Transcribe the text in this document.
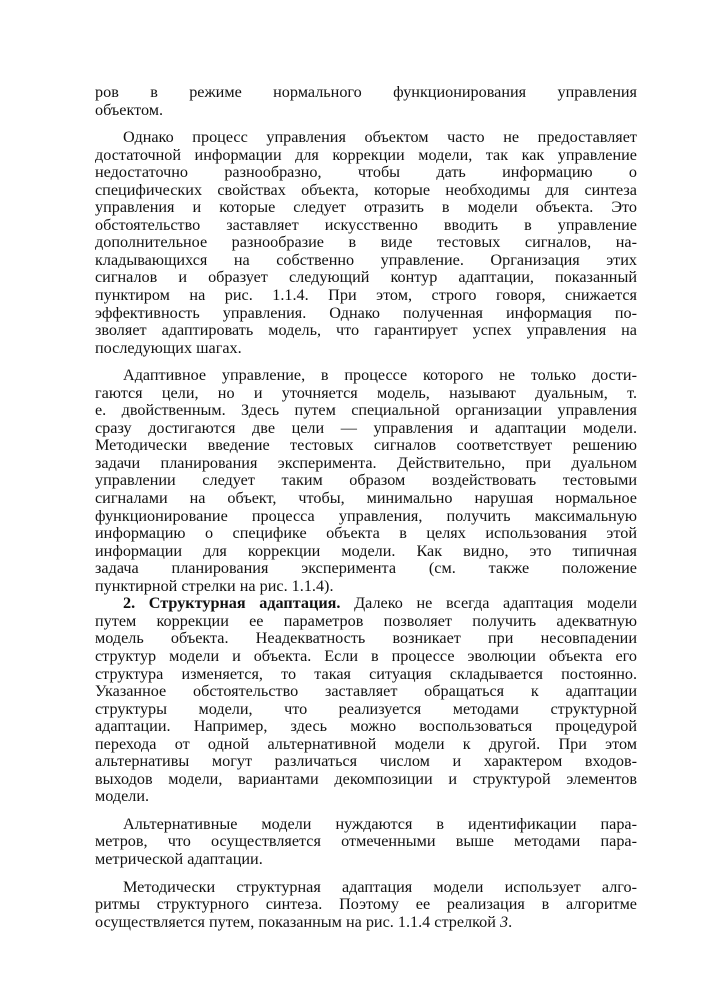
ров в режиме нормального функционирования управления

объектом.

Однако процесс управления объектом часто не предоставляет

достаточной информации для коррекции модели, так как управление

недостаточно разнообразно, чтобы дать информацию о

специфических свойствах объекта, которые необходимы для синтеза

управления и которые следует отразить в модели объекта. Это

обстоятельство заставляет искусственно вводить в управление

дополнительное разнообразие в виде тестовых сигналов, на-

кладывающихся на собственно управление. Организация этих

сигналов и образует следующий контур адаптации, показанный

пунктиром на рис. 1.1.4. При этом, строго говоря, снижается

эффективность управления. Однако полученная информация по-

зволяет адаптировать модель, что гарантирует успех управления на

последующих шагах.

Адаптивное управление, в процессе которого не только дости-

гаются цели, но и уточняется модель, называют дуальным, т.

е. двойственным. Здесь путем специальной организации управления

сразу достигаются две цели — управления и адаптации модели.

Методически введение тестовых сигналов соответствует решению

задачи планирования эксперимента. Действительно, при дуальном

управлении следует таким образом воздействовать тестовыми

сигналами на объект, чтобы, минимально нарушая нормальное

функционирование процесса управления, получить максимальную

информацию о специфике объекта в целях использования этой

информации для коррекции модели. Как видно, это типичная

задача планирования эксперимента (см. также положение

пунктирной стрелки на рис. 1.1.4).

2. Структурная адаптация. Далеко не всегда адаптация модели

путем коррекции ее параметров позволяет получить адекватную

модель объекта. Неадекватность возникает при несовпадении

структур модели и объекта. Если в процессе эволюции объекта его

структура изменяется, то такая ситуация складывается постоянно.

Указанное обстоятельство заставляет обращаться к адаптации

структуры модели, что реализуется методами структурной

адаптации. Например, здесь можно воспользоваться процедурой

перехода от одной альтернативной модели к другой. При этом

альтернативы могут различаться числом и характером входов-

выходов модели, вариантами декомпозиции и структурой элементов

модели.

Альтернативные модели нуждаются в идентификации пара-

метров, что осуществляется отмеченными выше методами пара-

метрической адаптации.

Методически структурная адаптация модели использует алго-

ритмы структурного синтеза. Поэтому ее реализация в алгоритме

осуществляется путем, показанным на рис. 1.1.4 стрелкой 3.
